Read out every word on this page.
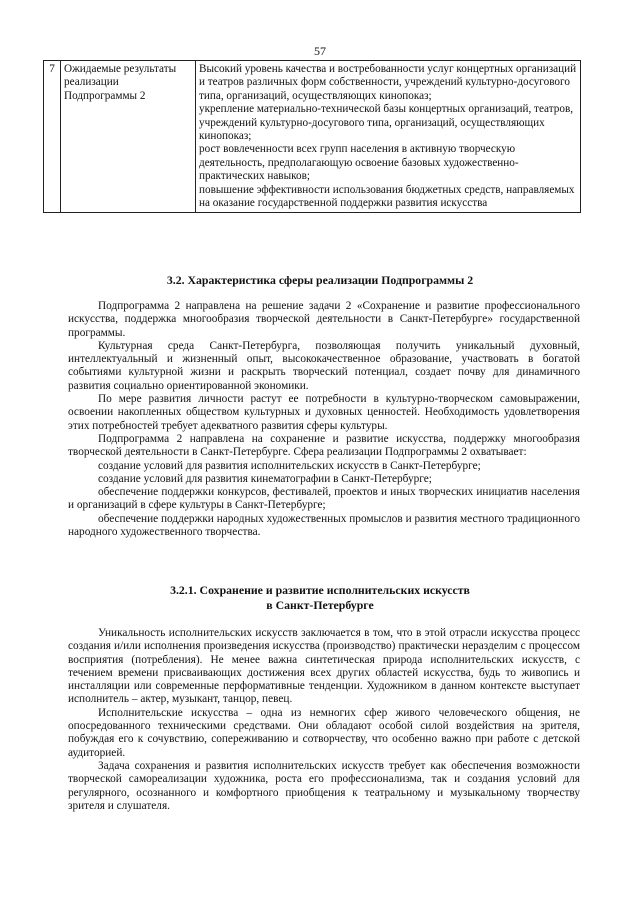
57
7	Ожидаемые результаты реализации Подпрограммы 2	
Высокий уровень качества и востребованности услуг концертных организаций и театров различных форм собственности, учреждений культурно-досугового типа, организаций, осуществляющих кинопоказ;
укрепление материально-технической базы концертных организаций, театров, учреждений культурно-досугового типа, организаций, осуществляющих кинопоказ;
рост вовлеченности всех групп населения в активную творческую деятельность, предполагающую освоение базовых художественно-практических навыков;
повышение эффективности использования бюджетных средств, направляемых на оказание государственной поддержки развития искусства
3.2. Характеристика сферы реализации Подпрограммы 2

Подпрограмма 2 направлена на решение задачи 2 «Сохранение и развитие профессионального искусства, поддержка многообразия творческой деятельности в Санкт-Петербурге» государственной программы.

Культурная среда Санкт-Петербурга, позволяющая получить уникальный духовный, интеллектуальный и жизненный опыт, высококачественное образование, участвовать в богатой событиями культурной жизни и раскрыть творческий потенциал, создает почву для динамичного развития социально ориентированной экономики.

По мере развития личности растут ее потребности в культурно-творческом самовыражении, освоении накопленных обществом культурных и духовных ценностей. Необходимость удовлетворения этих потребностей требует адекватного развития сферы культуры.

Подпрограмма 2 направлена на сохранение и развитие искусства, поддержку многообразия творческой деятельности в Санкт-Петербурге. Сфера реализации Подпрограммы 2 охватывает:

создание условий для развития исполнительских искусств в Санкт-Петербурге;

создание условий для развития кинематографии в Санкт-Петербурге;

обеспечение поддержки конкурсов, фестивалей, проектов и иных творческих инициатив населения и организаций в сфере культуры в Санкт-Петербурге;

обеспечение поддержки народных художественных промыслов и развития местного традиционного народного художественного творчества.

3.2.1. Сохранение и развитие исполнительских искусств
в Санкт-Петербурге

Уникальность исполнительских искусств заключается в том, что в этой отрасли искусства процесс создания и/или исполнения произведения искусства (производство) практически неразделим с процессом восприятия (потребления). Не менее важна синтетическая природа исполнительских искусств, с течением времени присваивающих достижения всех других областей искусства, будь то живопись и инсталляции или современные перформативные тенденции. Художником в данном контексте выступает исполнитель – актер, музыкант, танцор, певец.

Исполнительские искусства – одна из немногих сфер живого человеческого общения, не опосредованного техническими средствами. Они обладают особой силой воздействия на зрителя, побуждая его к сочувствию, сопереживанию и сотворчеству, что особенно важно при работе с детской аудиторией.

Задача сохранения и развития исполнительских искусств требует как обеспечения возможности творческой самореализации художника, роста его профессионализма, так и создания условий для регулярного, осознанного и комфортного приобщения к театральному и музыкальному творчеству зрителя и слушателя.
